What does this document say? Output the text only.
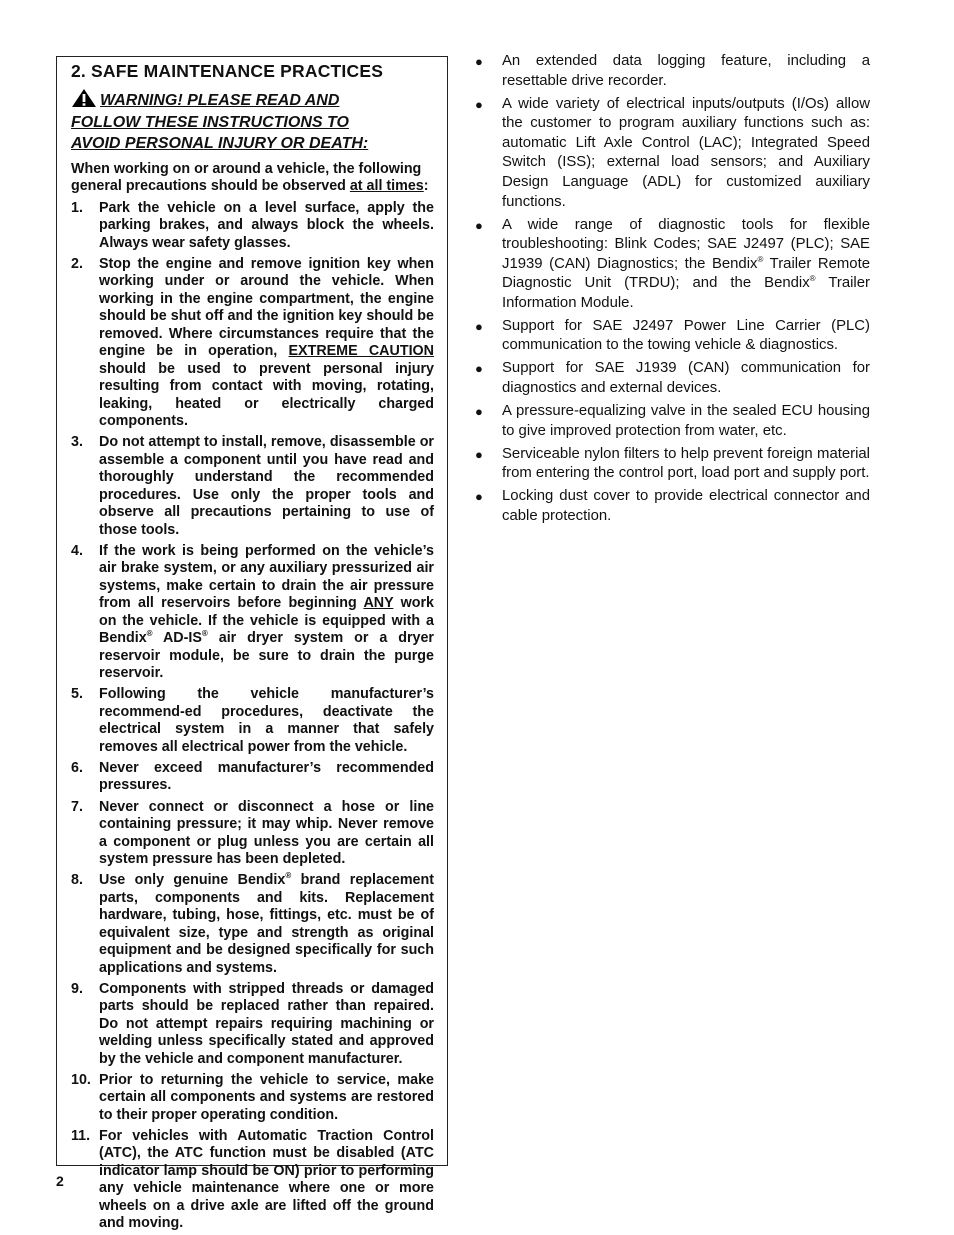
2. SAFE MAINTENANCE PRACTICES
WARNING! PLEASE READ AND
FOLLOW THESE INSTRUCTIONS TO
AVOID PERSONAL INJURY OR DEATH:
When working on or around a vehicle, the following general precautions should be observed at all times:
1. Park the vehicle on a level surface, apply the parking brakes, and always block the wheels. Always wear safety glasses.
2. Stop the engine and remove ignition key when working under or around the vehicle. When working in the engine compartment, the engine should be shut off and the ignition key should be removed. Where circumstances require that the engine be in operation, EXTREME CAUTION should be used to prevent personal injury resulting from contact with moving, rotating, leaking, heated or electrically charged components.
3. Do not attempt to install, remove, disassemble or assemble a component until you have read and thoroughly understand the recommended procedures. Use only the proper tools and observe all precautions pertaining to use of those tools.
4. If the work is being performed on the vehicle’s air brake system, or any auxiliary pressurized air systems, make certain to drain the air pressure from all reservoirs before beginning ANY work on the vehicle. If the vehicle is equipped with a Bendix® AD-IS® air dryer system or a dryer reservoir module, be sure to drain the purge reservoir.
5. Following the vehicle manufacturer’s recommend-ed procedures, deactivate the electrical system in a manner that safely removes all electrical power from the vehicle.
6. Never exceed manufacturer’s recommended pressures.
7. Never connect or disconnect a hose or line containing pressure; it may whip. Never remove a component or plug unless you are certain all system pressure has been depleted.
8. Use only genuine Bendix® brand replacement parts, components and kits. Replacement hardware, tubing, hose, fittings, etc. must be of equivalent size, type and strength as original equipment and be designed specifically for such applications and systems.
9. Components with stripped threads or damaged parts should be replaced rather than repaired. Do not attempt repairs requiring machining or welding unless specifically stated and approved by the vehicle and component manufacturer.
10. Prior to returning the vehicle to service, make certain all components and systems are restored to their proper operating condition.
11. For vehicles with Automatic Traction Control (ATC), the ATC function must be disabled (ATC indicator lamp should be ON) prior to performing any vehicle maintenance where one or more wheels on a drive axle are lifted off the ground and moving.
● An extended data logging feature, including a resettable drive recorder.
● A wide variety of electrical inputs/outputs (I/Os) allow the customer to program auxiliary functions such as: automatic Lift Axle Control (LAC); Integrated Speed Switch (ISS); external load sensors; and Auxiliary Design Language (ADL) for customized auxiliary functions.
● A wide range of diagnostic tools for flexible troubleshooting: Blink Codes; SAE J2497 (PLC); SAE J1939 (CAN) Diagnostics; the Bendix® Trailer Remote Diagnostic Unit (TRDU); and the Bendix® Trailer Information Module.
● Support for SAE J2497 Power Line Carrier (PLC) communication to the towing vehicle & diagnostics.
● Support for SAE J1939 (CAN) communication for diagnostics and external devices.
● A pressure-equalizing valve in the sealed ECU housing to give improved protection from water, etc.
● Serviceable nylon filters to help prevent foreign material from entering the control port, load port and supply port.
● Locking dust cover to provide electrical connector and cable protection.
2
